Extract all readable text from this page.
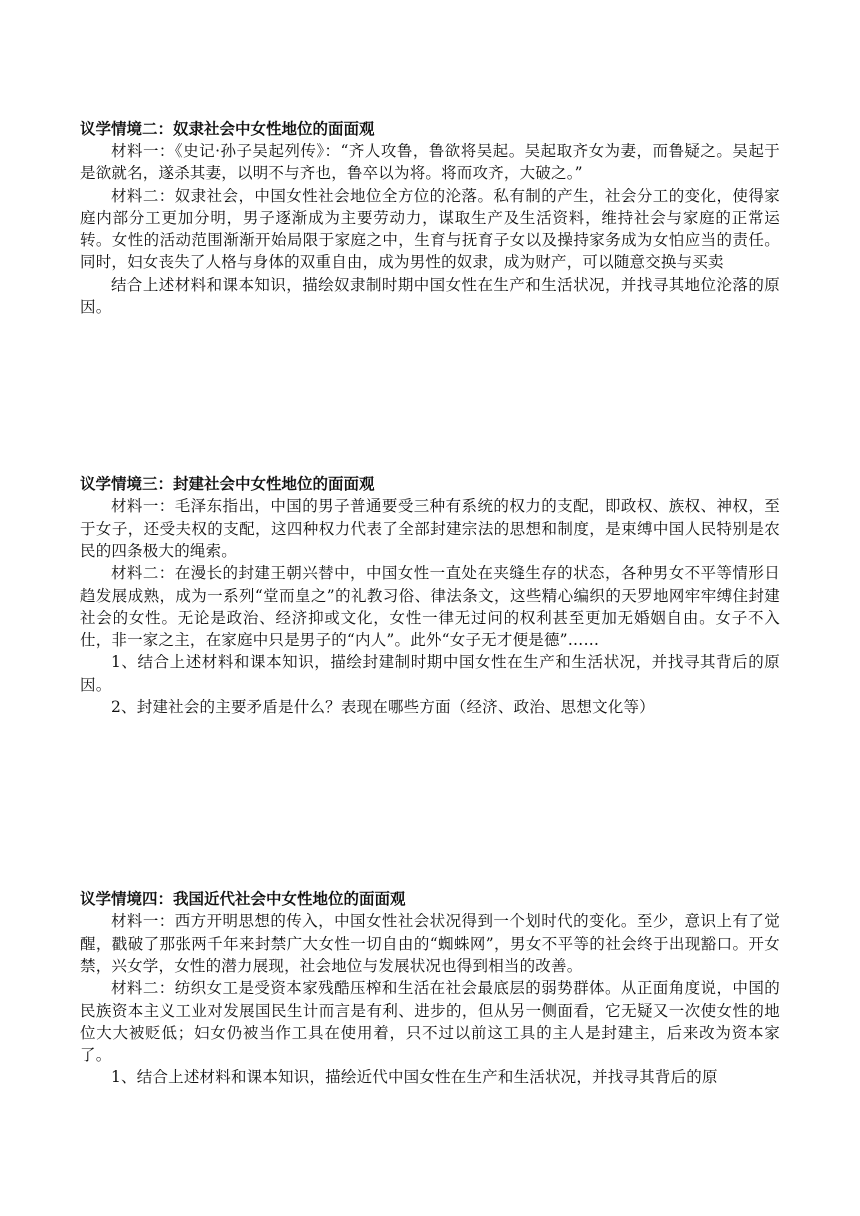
议学情境二：奴隶社会中女性地位的面面观

材料一：《史记·孙子吴起列传》：“齐人攻鲁，鲁欲将吴起。吴起取齐女为妻，而鲁疑之。吴起于是欲就名，遂杀其妻，以明不与齐也，鲁卒以为将。将而攻齐，大破之。”

材料二：奴隶社会，中国女性社会地位全方位的沦落。私有制的产生，社会分工的变化，使得家庭内部分工更加分明，男子逐渐成为主要劳动力，谋取生产及生活资料，维持社会与家庭的正常运转。女性的活动范围渐渐开始局限于家庭之中，生育与抚育子女以及操持家务成为女怕应当的责任。同时，妇女丧失了人格与身体的双重自由，成为男性的奴隶，成为财产，可以随意交换与买卖

结合上述材料和课本知识，描绘奴隶制时期中国女性在生产和生活状况，并找寻其地位沦落的原因。

议学情境三：封建社会中女性地位的面面观

材料一：毛泽东指出，中国的男子普通要受三种有系统的权力的支配，即政权、族权、神权，至于女子，还受夫权的支配，这四种权力代表了全部封建宗法的思想和制度，是束缚中国人民特别是农民的四条极大的绳索。

材料二：在漫长的封建王朝兴替中，中国女性一直处在夹缝生存的状态，各种男女不平等情形日趋发展成熟，成为一系列“堂而皇之”的礼教习俗、律法条文，这些精心编织的天罗地网牢牢缚住封建社会的女性。无论是政治、经济抑或文化，女性一律无过问的权利甚至更加无婚姻自由。女子不入仕，非一家之主，在家庭中只是男子的“内人”。此外“女子无才便是德”……

1、结合上述材料和课本知识，描绘封建制时期中国女性在生产和生活状况，并找寻其背后的原因。

2、封建社会的主要矛盾是什么？表现在哪些方面（经济、政治、思想文化等）

议学情境四：我国近代社会中女性地位的面面观

材料一：西方开明思想的传入，中国女性社会状况得到一个划时代的变化。至少，意识上有了觉醒，戳破了那张两千年来封禁广大女性一切自由的“蜘蛛网”，男女不平等的社会终于出现豁口。开女禁，兴女学，女性的潜力展现，社会地位与发展状况也得到相当的改善。

材料二：纺织女工是受资本家残酷压榨和生活在社会最底层的弱势群体。从正面角度说，中国的民族资本主义工业对发展国民生计而言是有利、进步的，但从另一侧面看，它无疑又一次使女性的地位大大被贬低；妇女仍被当作工具在使用着，只不过以前这工具的主人是封建主，后来改为资本家了。

1、结合上述材料和课本知识，描绘近代中国女性在生产和生活状况，并找寻其背后的原
